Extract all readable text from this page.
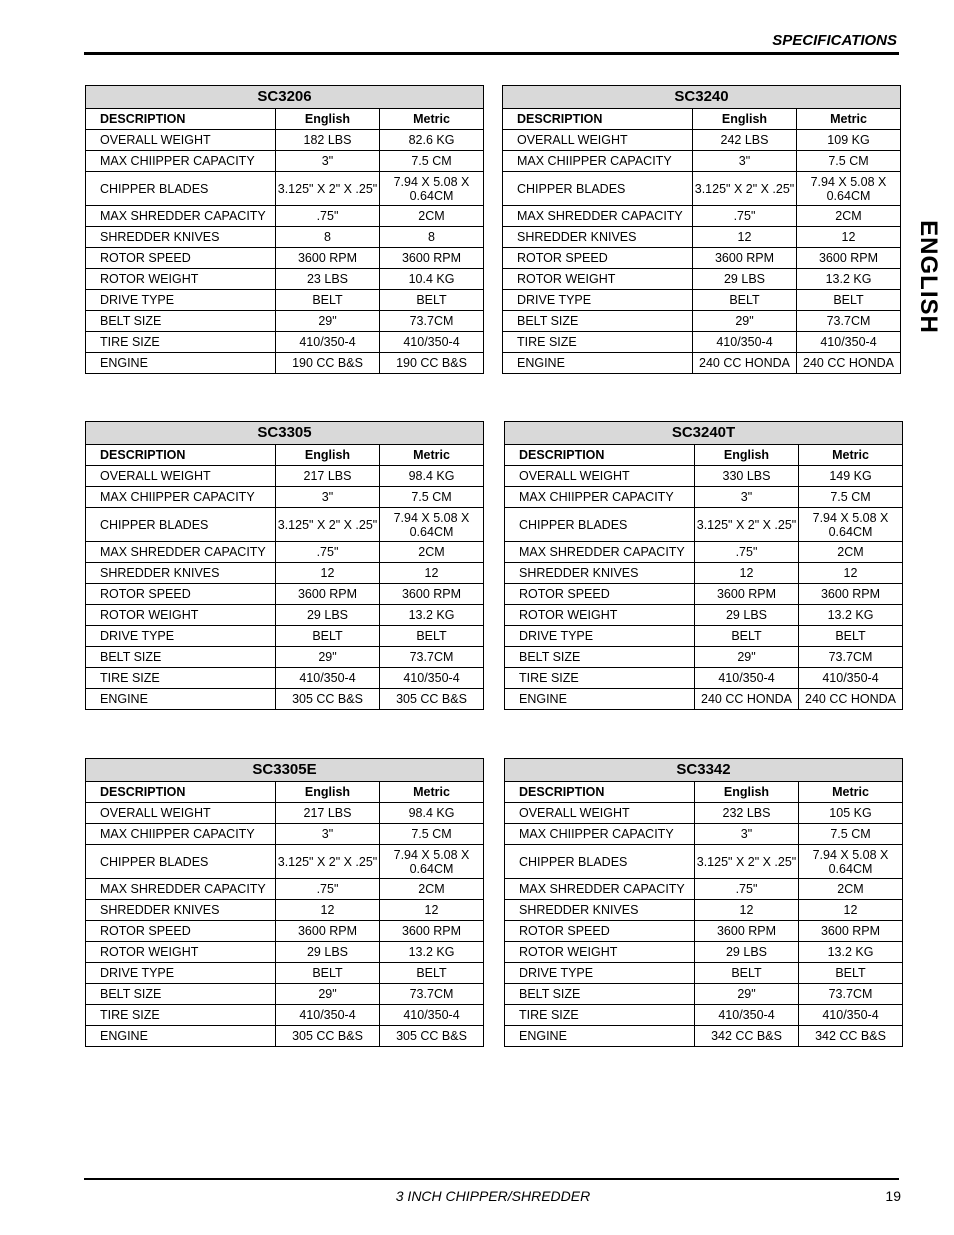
SPECIFICATIONS
ENGLISH
SC3206		
DESCRIPTION	English	Metric
OVERALL WEIGHT	182 LBS	82.6 KG
MAX CHIIPPER CAPACITY	3"	7.5 CM
CHIPPER BLADES	3.125" X 2" X .25"	7.94 X 5.08 X 0.64CM
MAX SHREDDER CAPACITY	.75"	2CM
SHREDDER KNIVES	8	8
ROTOR SPEED	3600 RPM	3600 RPM
ROTOR WEIGHT	23 LBS	10.4 KG
DRIVE TYPE	BELT	BELT
BELT SIZE	29"	73.7CM
TIRE SIZE	410/350-4	410/350-4
ENGINE	190 CC B&S	190 CC B&S
SC3240		
DESCRIPTION	English	Metric
OVERALL WEIGHT	242 LBS	109 KG
MAX CHIIPPER CAPACITY	3"	7.5 CM
CHIPPER BLADES	3.125" X 2" X .25"	7.94 X 5.08 X 0.64CM
MAX SHREDDER CAPACITY	.75"	2CM
SHREDDER KNIVES	12	12
ROTOR SPEED	3600 RPM	3600 RPM
ROTOR WEIGHT	29 LBS	13.2 KG
DRIVE TYPE	BELT	BELT
BELT SIZE	29"	73.7CM
TIRE SIZE	410/350-4	410/350-4
ENGINE	240 CC HONDA	240 CC HONDA
SC3305		
DESCRIPTION	English	Metric
OVERALL WEIGHT	217 LBS	98.4 KG
MAX CHIIPPER CAPACITY	3"	7.5 CM
CHIPPER BLADES	3.125" X 2" X .25"	7.94 X 5.08 X 0.64CM
MAX SHREDDER CAPACITY	.75"	2CM
SHREDDER KNIVES	12	12
ROTOR SPEED	3600 RPM	3600 RPM
ROTOR WEIGHT	29 LBS	13.2 KG
DRIVE TYPE	BELT	BELT
BELT SIZE	29"	73.7CM
TIRE SIZE	410/350-4	410/350-4
ENGINE	305 CC B&S	305 CC B&S
SC3240T		
DESCRIPTION	English	Metric
OVERALL WEIGHT	330 LBS	149 KG
MAX CHIIPPER CAPACITY	3"	7.5 CM
CHIPPER BLADES	3.125" X 2" X .25"	7.94 X 5.08 X 0.64CM
MAX SHREDDER CAPACITY	.75"	2CM
SHREDDER KNIVES	12	12
ROTOR SPEED	3600 RPM	3600 RPM
ROTOR WEIGHT	29 LBS	13.2 KG
DRIVE TYPE	BELT	BELT
BELT SIZE	29"	73.7CM
TIRE SIZE	410/350-4	410/350-4
ENGINE	240 CC HONDA	240 CC HONDA
SC3305E		
DESCRIPTION	English	Metric
OVERALL WEIGHT	217 LBS	98.4 KG
MAX CHIIPPER CAPACITY	3"	7.5 CM
CHIPPER BLADES	3.125" X 2" X .25"	7.94 X 5.08 X 0.64CM
MAX SHREDDER CAPACITY	.75"	2CM
SHREDDER KNIVES	12	12
ROTOR SPEED	3600 RPM	3600 RPM
ROTOR WEIGHT	29 LBS	13.2 KG
DRIVE TYPE	BELT	BELT
BELT SIZE	29"	73.7CM
TIRE SIZE	410/350-4	410/350-4
ENGINE	305 CC B&S	305 CC B&S
SC3342		
DESCRIPTION	English	Metric
OVERALL WEIGHT	232 LBS	105 KG
MAX CHIIPPER CAPACITY	3"	7.5 CM
CHIPPER BLADES	3.125" X 2" X .25"	7.94 X 5.08 X 0.64CM
MAX SHREDDER CAPACITY	.75"	2CM
SHREDDER KNIVES	12	12
ROTOR SPEED	3600 RPM	3600 RPM
ROTOR WEIGHT	29 LBS	13.2 KG
DRIVE TYPE	BELT	BELT
BELT SIZE	29"	73.7CM
TIRE SIZE	410/350-4	410/350-4
ENGINE	342 CC B&S	342 CC B&S
3 INCH CHIPPER/SHREDDER	19
